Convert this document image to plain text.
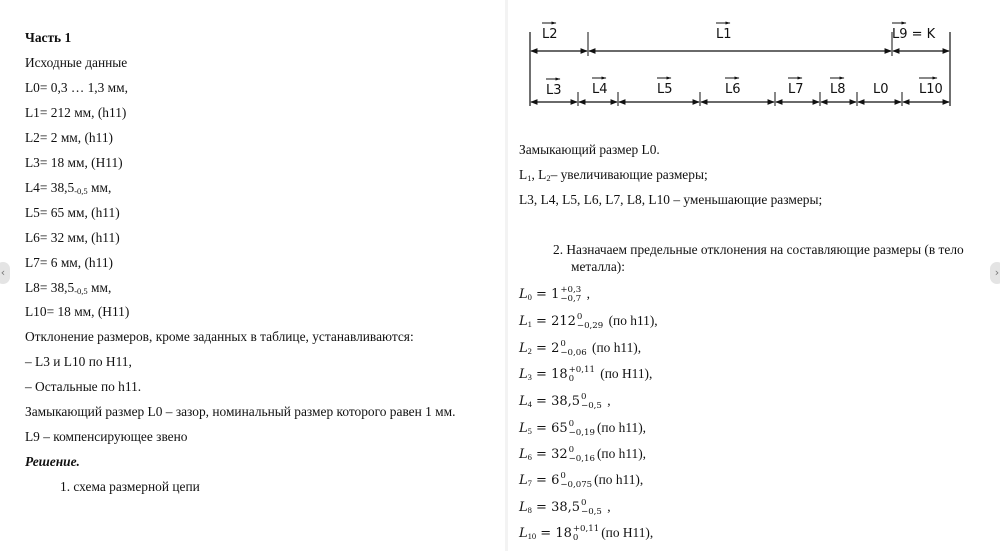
Часть 1
Исходные данные
L0= 0,3 … 1,3 мм,
L1= 212 мм, (h11)
L2= 2 мм, (h11)
L3= 18 мм, (H11)
$L4= 38,5_{-0,5}$ мм,
L5= 65 мм, (h11)
L6= 32 мм, (h11)
L7= 6 мм, (h11)
$L8= 38,5_{-0,5}$ мм,
L10= 18 мм, (H11)
Отклонение размеров, кроме заданных в таблице, устанавливаются:
– L3 и L10 по H11,
– Остальные по h11.
Замыкающий размер L0 – зазор, номинальный размер которого равен 1 мм.
L9 – компенсирующее звено
Решение.
1. схема размерной цепи
L2	L1	L9 = K
L3 L4	L5	L6	L7 L8 L0 L10
Замыкающий размер L0.
$L_1$, $L_2-$ увеличивающие размеры;
L3, L4, L5, L6, L7, L8, L10 – уменьшающие размеры;
2. Назначаем предельные отклонения на составляющие размеры (в тело
металла):
$L_0 = 1 +0,3$
−0,7 ,
$L_1 = 212$ 0
−0,29 (по h11),
$L_2 = 2$ 0
−0,06 (по h11),
$L_3 = 18 +0,11$
0	(по H11),
$L_4 = 38,5$ 0
−0,5 ,
$L_5 = 65$ 0
−0,19 (по h11),
$L_6 = 32$ 0
−0,16 (по h11),
$L_7 = 6$ 0
−0,075 (по h11),
$L_8 = 38,5$ 0
−0,5 ,
$L_{10} = 18 +0,11$
0	(по H11),
‹	›
